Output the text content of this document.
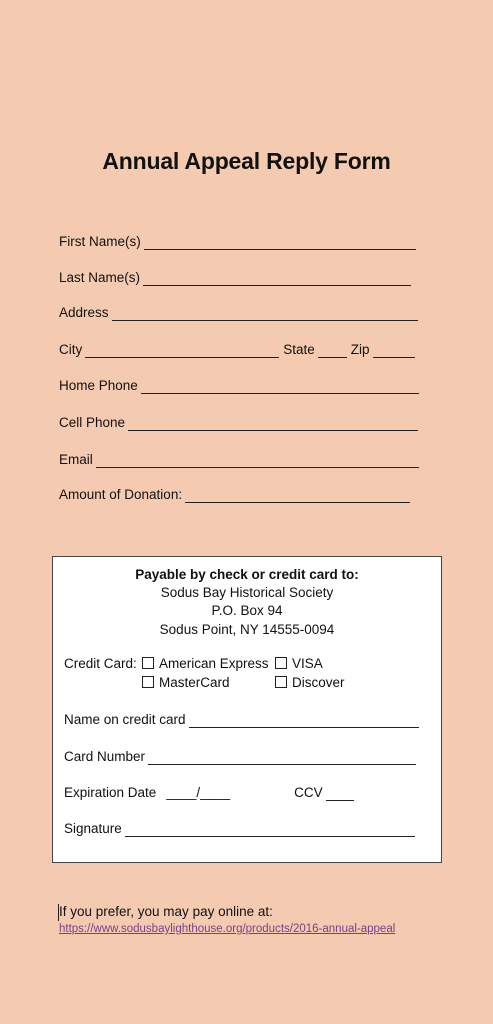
Annual Appeal Reply Form
First Name(s)
Last Name(s)
Address
City	State	Zip
Home Phone
Cell Phone
Email
Amount of Donation:
Payable by check or credit card to:
Sodus Bay Historical Society
P.O. Box 94
Sodus Point, NY 14555-0094
Credit Card:	American Express	VISA
MasterCard	Discover
Name on credit card
Card Number
Expiration Date ____/____	CCV
Signature
If you prefer, you may pay online at:
https://www.sodusbaylighthouse.org/products/2016-annual-appeal
